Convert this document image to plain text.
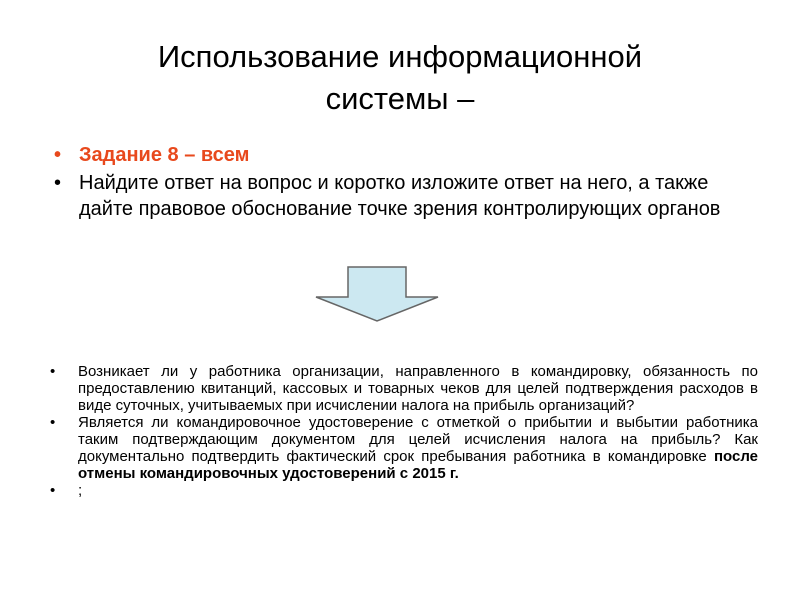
Использование информационной системы –
• Задание 8 – всем
• Найдите ответ на вопрос и коротко изложите ответ на него, а также дайте правовое обоснование точке зрения контролирующих органов
• Возникает ли у работника организации, направленного в командировку, обязанность по предоставлению квитанций, кассовых и товарных чеков для целей подтверждения расходов в виде суточных, учитываемых при исчислении налога на прибыль организаций?
• Является ли командировочное удостоверение с отметкой о прибытии и выбытии работника таким подтверждающим документом для целей исчисления налога на прибыль? Как документально подтвердить фактический срок пребывания работника в командировке после отмены командировочных удостоверений с 2015 г.
• ;
